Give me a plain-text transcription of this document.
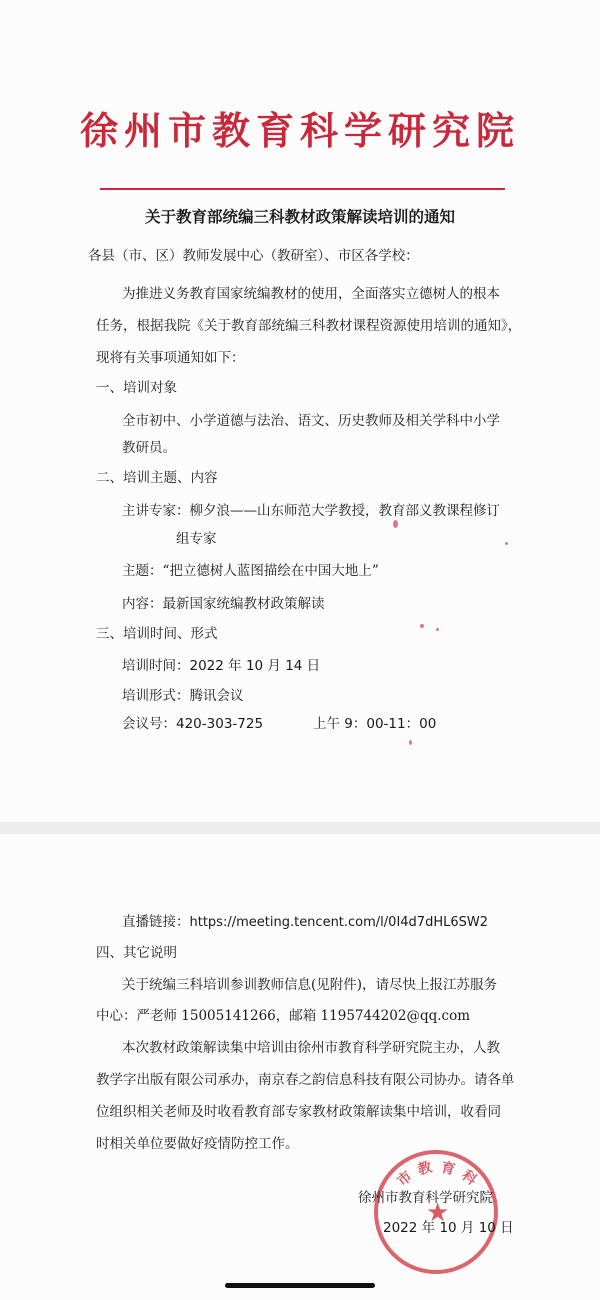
徐州市教育科学研究院
关于教育部统编三科教材政策解读培训的通知
各县（市、区）教师发展中心（教研室）、市区各学校：
为推进义务教育国家统编教材的使用，全面落实立德树人的根本
任务，根据我院《关于教育部统编三科教材课程资源使用培训的通知》，
现将有关事项通知如下：
一、培训对象
全市初中、小学道德与法治、语文、历史教师及相关学科中小学
教研员。
二、培训主题、内容
主讲专家：柳夕浪——山东师范大学教授，教育部义教课程修订
组专家
主题：“把立德树人蓝图描绘在中国大地上”
内容：最新国家统编教材政策解读
三、培训时间、形式
培训时间：2022 年 10 月 14 日
培训形式：腾讯会议
会议号：420-303-725	上午 9：00-11：00
直播链接：https://meeting.tencent.com/l/0I4d7dHL6SW2
四、其它说明
关于统编三科培训参训教师信息(见附件)，请尽快上报江苏服务
中心：严老师 15005141266，邮箱 1195744202@qq.com
本次教材政策解读集中培训由徐州市教育科学研究院主办，人教
教学字出版有限公司承办，南京春之韵信息科技有限公司协办。请各单
位组织相关老师及时收看教育部专家教材政策解读集中培训，收看同
时相关单位要做好疫情防控工作。
市 教 育 科
★
徐州市教育科学研究院
2022 年 10 月 10 日
